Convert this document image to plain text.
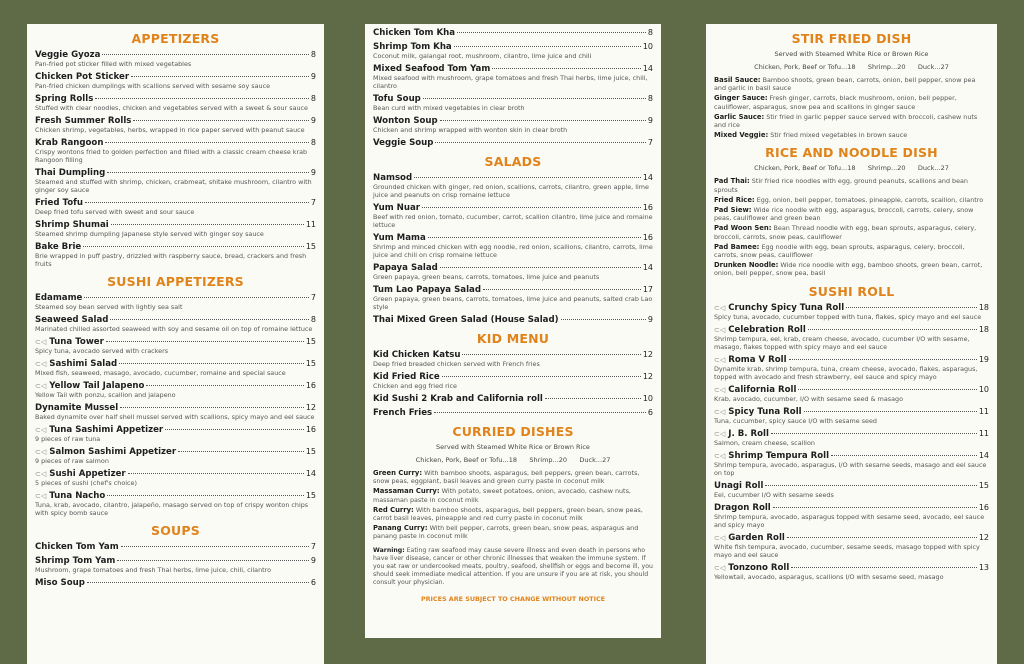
APPETIZERS
Veggie Gyoza	8
Pan-fried pot sticker filled with mixed vegetables
Chicken Pot Sticker	9
Pan-fried chicken dumplings with scallions served with sesame soy sauce
Spring Rolls	8
Stuffed with clear noodles, chicken and vegetables served with a sweet & sour sauce
Fresh Summer Rolls	9
Chicken shrimp, vegetables, herbs, wrapped in rice paper served with peanut sauce
Krab Rangoon	8
Crispy wontons fried to golden perfection and filled with a classic cream cheese krab Rangoon filling
Thai Dumpling	9
Steamed and stuffed with shrimp, chicken, crabmeat, shitake mushroom, cilantro with ginger soy sauce
Fried Tofu	7
Deep fried tofu served with sweet and sour sauce
Shrimp Shumai	11
Steamed shrimp dumpling Japanese style served with ginger soy sauce
Bake Brie	15
Brie wrapped in puff pastry, drizzled with raspberry sauce, bread, crackers and fresh fruits
SUSHI APPETIZERS
Edamame	7
Steamed soy bean served with lightly sea salt
Seaweed Salad	8
Marinated chilled assorted seaweed with soy and sesame oil on top of romaine lettuce
⊂◁ Tuna Tower	15
Spicy tuna, avocado served with crackers
⊂◁ Sashimi Salad	15
Mixed fish, seaweed, masago, avocado, cucumber, romaine and special sauce
⊂◁ Yellow Tail Jalapeno	16
Yellow Tail with ponzu, scallion and jalapeno
Dynamite Mussel	12
Baked dynamite over half shell mussel served with scallions, spicy mayo and eel sauce
⊂◁ Tuna Sashimi Appetizer	16
9 pieces of raw tuna
⊂◁ Salmon Sashimi Appetizer	15
9 pieces of raw salmon
⊂◁ Sushi Appetizer	14
5 pieces of sushi (chef's choice)
⊂◁ Tuna Nacho	15
Tuna, krab, avocado, cilantro, jalapeño, masago served on top of crispy wonton chips with spicy bomb sauce
SOUPS
Chicken Tom Yam	7
Shrimp Tom Yam	9
Mushroom, grape tomatoes and fresh Thai herbs, lime juice, chili, cilantro
Miso Soup	6
Chicken Tom Kha	8
Shrimp Tom Kha	10
Coconut milk, galangal root, mushroom, cilantro, lime juice and chili
Mixed Seafood Tom Yam	14
Mixed seafood with mushroom, grape tomatoes and fresh Thai herbs, lime juice, chili, cilantro
Tofu Soup	8
Bean curd with mixed vegetables in clear broth
Wonton Soup	9
Chicken and shrimp wrapped with wonton skin in clear broth
Veggie Soup	7
SALADS
Namsod	14
Grounded chicken with ginger, red onion, scallions, carrots, cilantro, green apple, lime juice and peanuts on crisp romaine lettuce
Yum Nuar	16
Beef with red onion, tomato, cucumber, carrot, scallion cilantro, lime juice and romaine lettuce
Yum Mama	16
Shrimp and minced chicken with egg noodle, red onion, scallions, cilantro, carrots, lime juice and chili on crisp romaine lettuce
Papaya Salad	14
Green papaya, green beans, carrots, tomatoes, lime juice and peanuts
Tum Lao Papaya Salad	17
Green papaya, green beans, carrots, tomatoes, lime juice and peanuts, salted crab Lao style
Thai Mixed Green Salad (House Salad)	9
KID MENU
Kid Chicken Katsu	12
Deep fried breaded chicken served with French fries
Kid Fried Rice	12
Chicken and egg fried rice
Kid Sushi 2 Krab and California roll	10
French Fries	6
CURRIED DISHES
Served with Steamed White Rice or Brown Rice
Chicken, Pork, Beef or Tofu...18      Shrimp...20      Duck...27
Green Curry: With bamboo shoots, asparagus, bell peppers, green bean, carrots, snow peas, eggplant, basil leaves and green curry paste in coconut milk
Massaman Curry: With potato, sweet potatoes, onion, avocado, cashew nuts, massaman paste in coconut milk
Red Curry: With bamboo shoots, asparagus, bell peppers, green bean, snow peas, carrot basil leaves, pineapple and red curry paste in coconut milk
Panang Curry: With bell pepper, carrots, green bean, snow peas, asparagus and panang paste in coconut milk
Warning: Eating raw seafood may cause severe illness and even death in persons who have liver disease, cancer or other chronic illnesses that weaken the immune system. If you eat raw or undercooked meats, poultry, seafood, shellfish or eggs and become ill, you should seek immediate medical attention. If you are unsure if you are at risk, you should consult your physician.
PRICES ARE SUBJECT TO CHANGE WITHOUT NOTICE
STIR FRIED DISH
Served with Steamed White Rice or Brown Rice
Chicken, Pork, Beef or Tofu...18      Shrimp...20      Duck...27
Basil Sauce: Bamboo shoots, green bean, carrots, onion, bell pepper, snow pea and garlic in basil sauce
Ginger Sauce: Fresh ginger, carrots, black mushroom, onion, bell pepper, cauliflower, asparagus, snow pea and scallions in ginger sauce
Garlic Sauce: Stir fried in garlic pepper sauce served with broccoli, cashew nuts and rice
Mixed Veggie: Stir fried mixed vegetables in brown sauce
RICE AND NOODLE DISH
Chicken, Pork, Beef or Tofu...18      Shrimp...20      Duck...27
Pad Thai: Stir fried rice noodles with egg, ground peanuts, scallions and bean sprouts
Fried Rice: Egg, onion, bell pepper, tomatoes, pineapple, carrots, scallion, cilantro
Pad Siew: Wide rice noodle with egg, asparagus, broccoli, carrots, celery, snow peas, cauliflower and green bean
Pad Woon Sen: Bean Thread noodle with egg, bean sprouts, asparagus, celery, broccoli, carrots, snow peas, cauliflower
Pad Bamee: Egg noodle with egg, bean sprouts, asparagus, celery, broccoli, carrots, snow peas, cauliflower
Drunken Noodle: Wide rice noodle with egg, bamboo shoots, green bean, carrot, onion, bell pepper, snow pea, basil
SUSHI ROLL
⊂◁ Crunchy Spicy Tuna Roll	18
Spicy tuna, avocado, cucumber topped with tuna, flakes, spicy mayo and eel sauce
⊂◁ Celebration Roll	18
Shrimp tempura, eel, krab, cream cheese, avocado, cucumber I/O with sesame, masago, flakes topped with spicy mayo and eel sauce
⊂◁ Roma V Roll	19
Dynamite krab, shrimp tempura, tuna, cream cheese, avocado, flakes, asparagus, topped with avocado and fresh strawberry, eel sauce and spicy mayo
⊂◁ California Roll	10
Krab, avocado, cucumber, I/O with sesame seed & masago
⊂◁ Spicy Tuna Roll	11
Tuna, cucumber, spicy sauce I/O with sesame seed
⊂◁ J. B. Roll	11
Salmon, cream cheese, scallion
⊂◁ Shrimp Tempura Roll	14
Shrimp tempura, avocado, asparagus, I/O with sesame seeds, masago and eel sauce on top
Unagi Roll	15
Eel, cucumber I/O with sesame seeds
Dragon Roll	16
Shrimp tempura, avocado, asparagus topped with sesame seed, avocado, eel sauce and spicy mayo
⊂◁ Garden Roll	12
White fish tempura, avocado, cucumber, sesame seeds, masago topped with spicy mayo and eel sauce
⊂◁ Tonzono Roll	13
Yellowtail, avocado, asparagus, scallions I/O with sesame seed, masago
